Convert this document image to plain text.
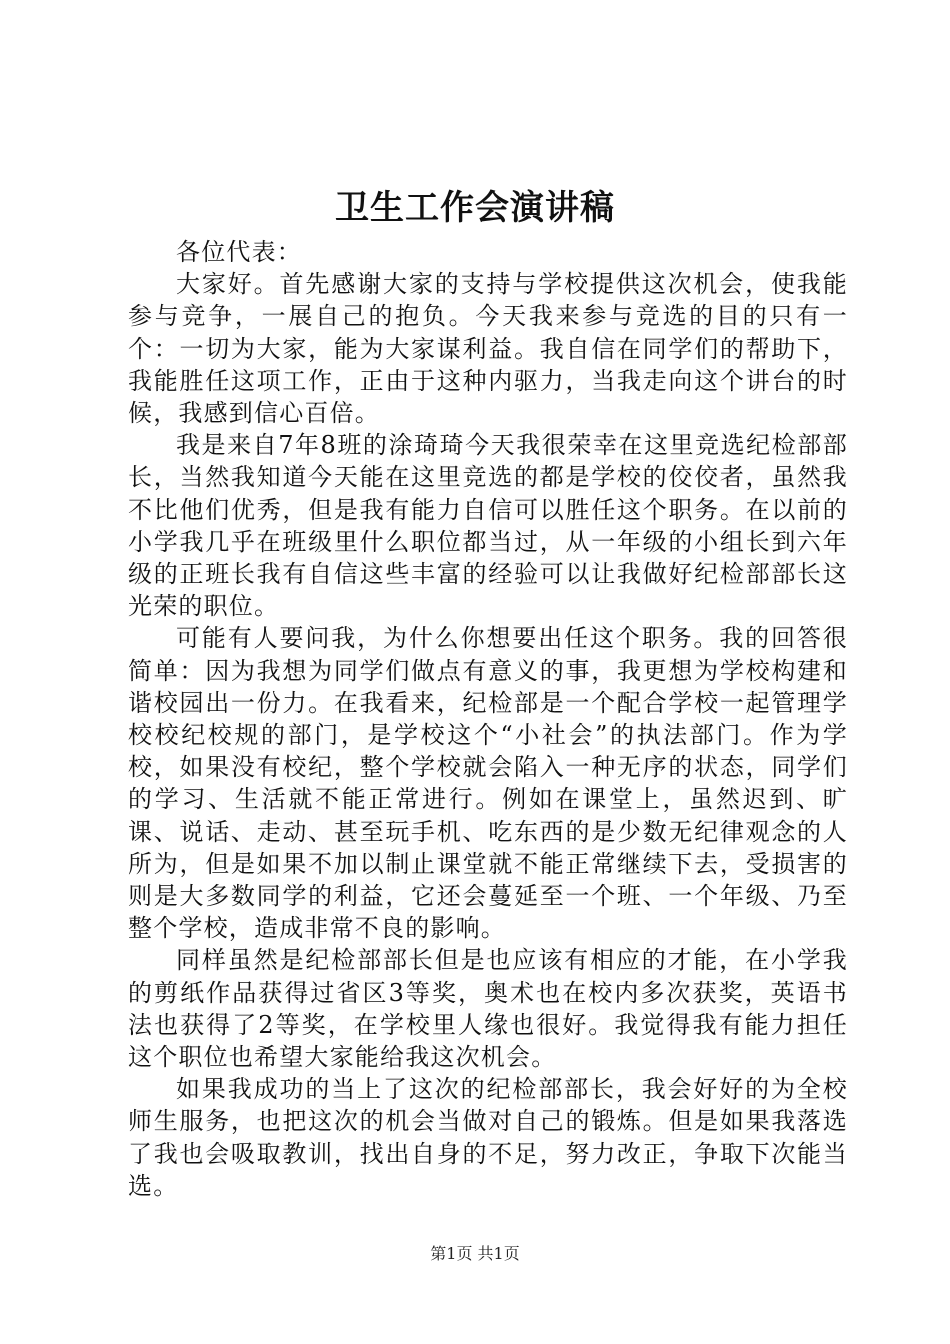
卫生工作会演讲稿

各位代表：

大家好。首先感谢大家的支持与学校提供这次机会，使我能参与竞争，一展自己的抱负。今天我来参与竞选的目的只有一个：一切为大家，能为大家谋利益。我自信在同学们的帮助下，我能胜任这项工作，正由于这种内驱力，当我走向这个讲台的时候，我感到信心百倍。

我是来自7年8班的涂琦琦今天我很荣幸在这里竞选纪检部部长，当然我知道今天能在这里竞选的都是学校的佼佼者，虽然我不比他们优秀，但是我有能力自信可以胜任这个职务。在以前的小学我几乎在班级里什么职位都当过，从一年级的小组长到六年级的正班长我有自信这些丰富的经验可以让我做好纪检部部长这光荣的职位。

可能有人要问我，为什么你想要出任这个职务。我的回答很简单：因为我想为同学们做点有意义的事，我更想为学校构建和谐校园出一份力。在我看来，纪检部是一个配合学校一起管理学校校纪校规的部门，是学校这个“小社会”的执法部门。作为学校，如果没有校纪，整个学校就会陷入一种无序的状态，同学们的学习、生活就不能正常进行。例如在课堂上，虽然迟到、旷课、说话、走动、甚至玩手机、吃东西的是少数无纪律观念的人所为，但是如果不加以制止课堂就不能正常继续下去，受损害的则是大多数同学的利益，它还会蔓延至一个班、一个年级、乃至整个学校，造成非常不良的影响。

同样虽然是纪检部部长但是也应该有相应的才能，在小学我的剪纸作品获得过省区3等奖，奥术也在校内多次获奖，英语书法也获得了2等奖，在学校里人缘也很好。我觉得我有能力担任这个职位也希望大家能给我这次机会。

如果我成功的当上了这次的纪检部部长，我会好好的为全校师生服务，也把这次的机会当做对自己的锻炼。但是如果我落选了我也会吸取教训，找出自身的不足，努力改正，争取下次能当选。

第1页 共1页
